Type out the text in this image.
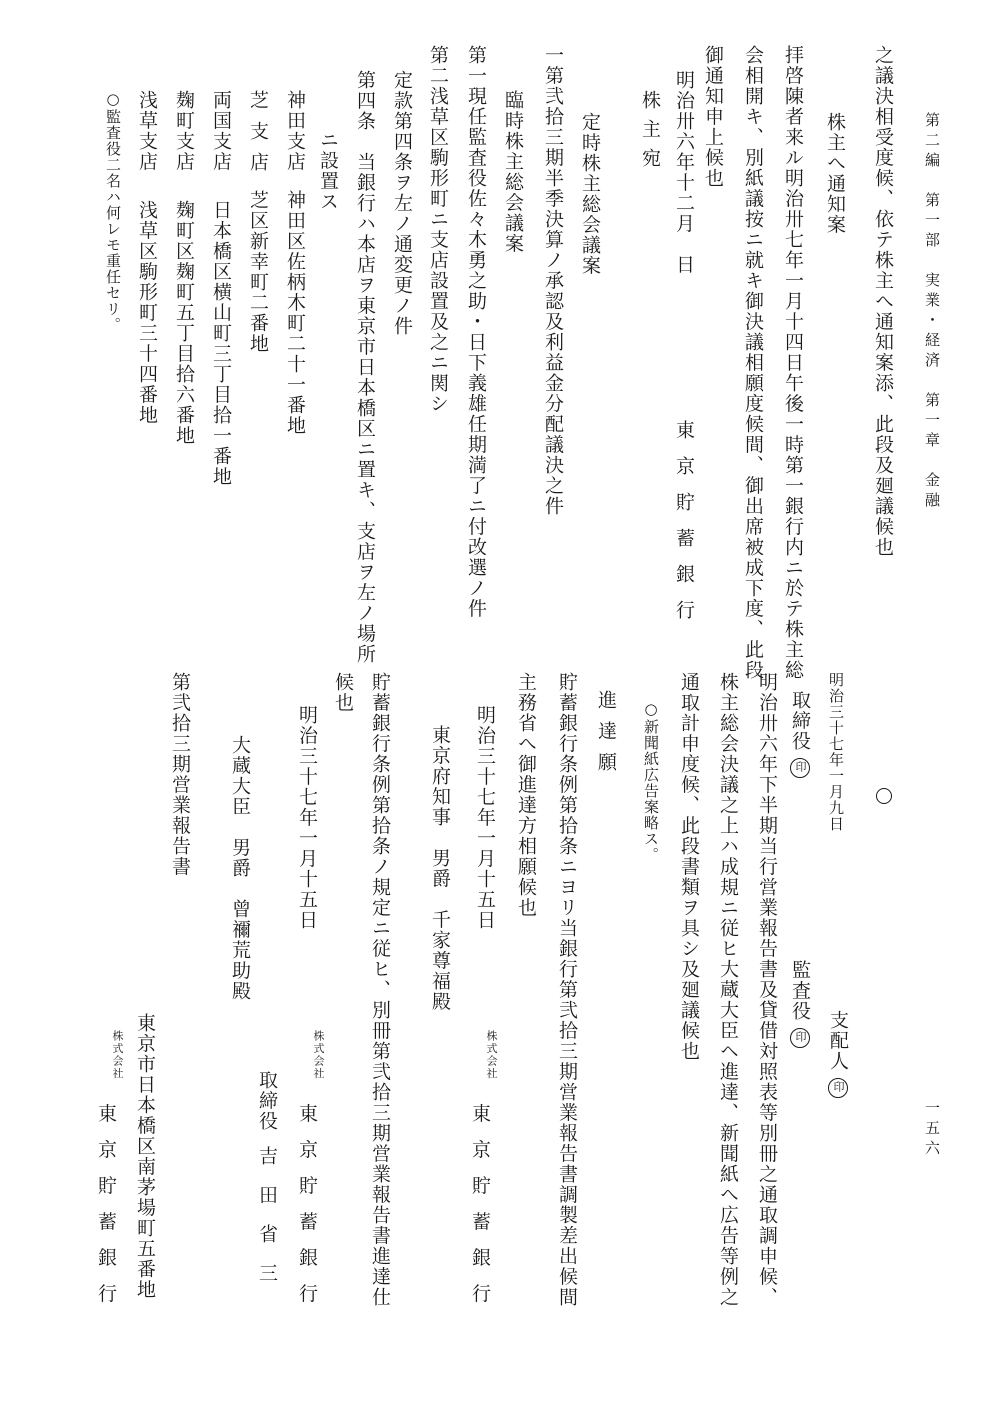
第二編　第一部　実業・経済　第一章　金融
一五六
之議決相受度候、依テ株主へ通知案添、此段及廻議候也
株主へ通知案
拝啓陳者来ル明治卅七年一月十四日午後一時第一銀行内ニ於テ株主総
会相開キ、別紙議按ニ就キ御決議相願度候間、御出席被成下度、此段
御通知申上候也
明治卅六年十二月　日
東京貯蓄銀行
株主宛
定時株主総会議案
一第弐拾三期半季決算ノ承認及利益金分配議決之件
臨時株主総会議案
第一現任監査役佐々木勇之助・日下義雄任期満了ニ付改選ノ件
第二浅草区駒形町ニ支店設置及之ニ関シ
定款第四条ヲ左ノ通変更ノ件
第四条　当銀行ハ本店ヲ東京市日本橋区ニ置キ、支店ヲ左ノ場所
ニ設置ス
神田支店
神田区佐柄木町二十一番地
芝支店
芝区新幸町二番地
両国支店
日本橋区横山町三丁目拾一番地
麹町支店
麹町区麹町五丁目拾六番地
浅草支店
浅草区駒形町三十四番地
○監査役二名ハ何レモ重任セリ。
明治三十七年一月九日
取締役印
監査役印 支配人印
明治卅六年下半期当行営業報告書及貸借対照表等別冊之通取調申候、
株主総会決議之上ハ成規ニ従ヒ大蔵大臣ヘ進達、新聞紙へ広告等例之
通取計申度候、此段書類ヲ具シ及廻議候也
○新聞紙広告案略ス。
進達願
貯蓄銀行条例第拾条ニヨリ当銀行第弐拾三期営業報告書調製差出候間
主務省へ御進達方相願候也
明治三十七年一月十五日
株式会社 東京貯蓄銀行
東京府知事　男爵　千家尊福殿
貯蓄銀行条例第拾条ノ規定ニ従ヒ、別冊第弐拾三期営業報告書進達仕
候也
明治三十七年一月十五日
株式会社 東京貯蓄銀行
取締役吉田省三
大蔵大臣　男爵　曾禰荒助殿
第弐拾三期営業報告書
東京市日本橋区南茅場町五番地
株式会社 東京貯蓄銀行
